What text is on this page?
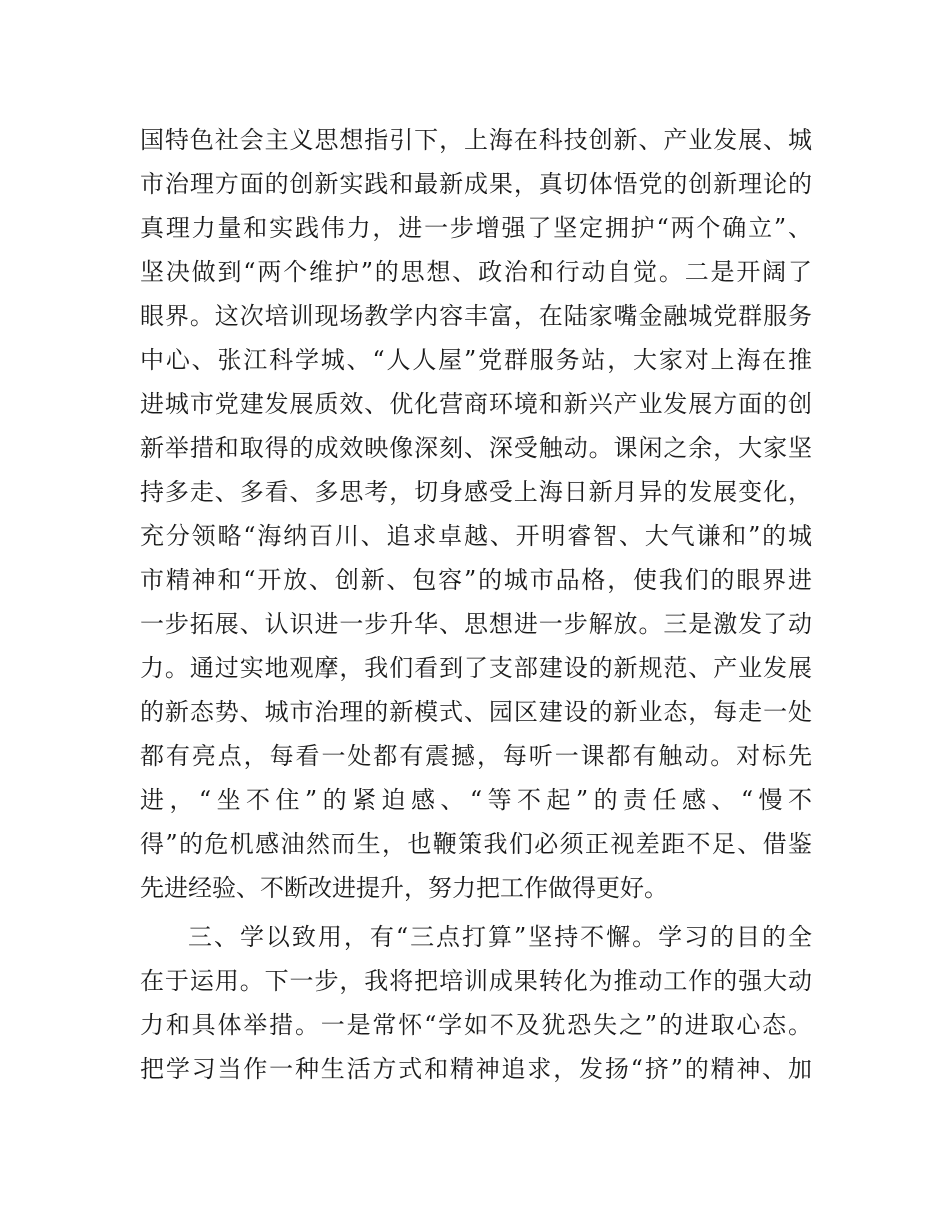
国特色社会主义思想指引下，上海在科技创新、产业发展、城
市治理方面的创新实践和最新成果，真切体悟党的创新理论的
真理力量和实践伟力，进一步增强了坚定拥护“两个确立”、
坚决做到“两个维护”的思想、政治和行动自觉。二是开阔了
眼界。这次培训现场教学内容丰富，在陆家嘴金融城党群服务
中心、张江科学城、“人人屋”党群服务站，大家对上海在推
进城市党建发展质效、优化营商环境和新兴产业发展方面的创
新举措和取得的成效映像深刻、深受触动。课闲之余，大家坚
持多走、多看、多思考，切身感受上海日新月异的发展变化，
充分领略“海纳百川、追求卓越、开明睿智、大气谦和”的城
市精神和“开放、创新、包容”的城市品格，使我们的眼界进
一步拓展、认识进一步升华、思想进一步解放。三是激发了动
力。通过实地观摩，我们看到了支部建设的新规范、产业发展
的新态势、城市治理的新模式、园区建设的新业态，每走一处
都有亮点，每看一处都有震撼，每听一课都有触动。对标先
进，“坐不住”的紧迫感、“等不起”的责任感、“慢不
得”的危机感油然而生，也鞭策我们必须正视差距不足、借鉴
先进经验、不断改进提升，努力把工作做得更好。
三、学以致用，有“三点打算”坚持不懈。学习的目的全
在于运用。下一步，我将把培训成果转化为推动工作的强大动
力和具体举措。一是常怀“学如不及犹恐失之”的进取心态。
把学习当作一种生活方式和精神追求，发扬“挤”的精神、加
